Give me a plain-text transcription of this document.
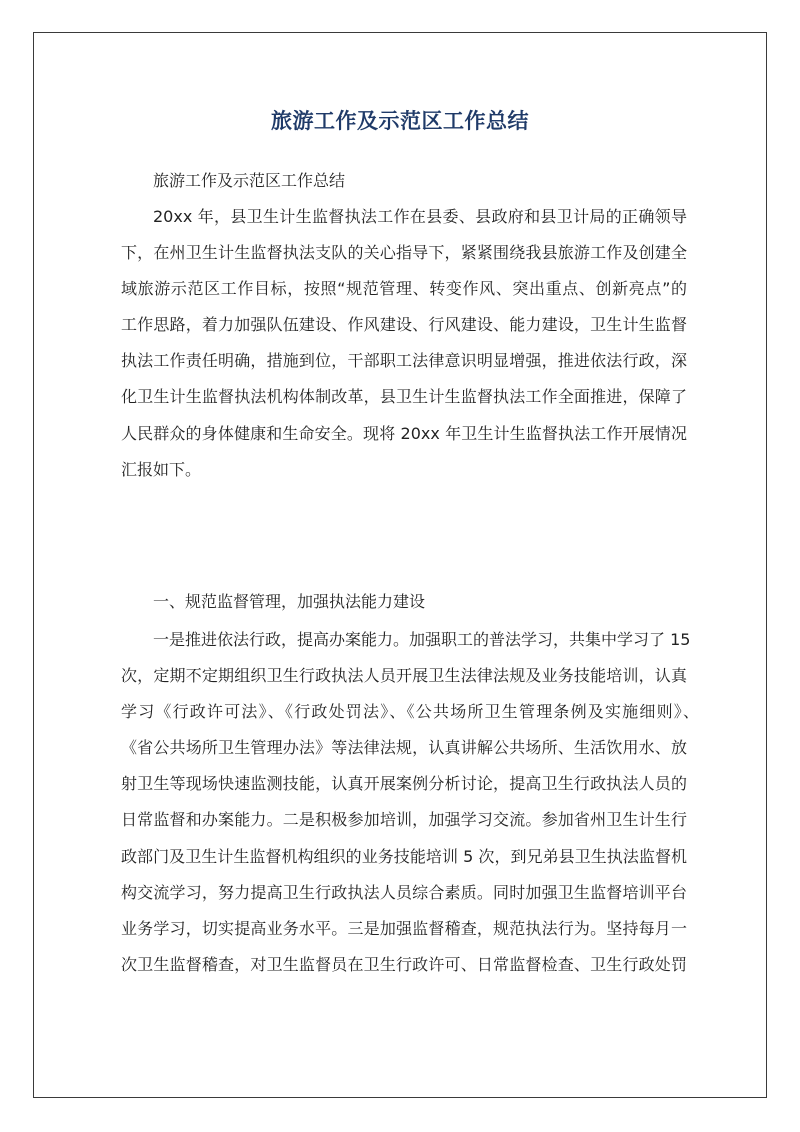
旅游工作及示范区工作总结
旅游工作及示范区工作总结
20xx 年，县卫生计生监督执法工作在县委、县政府和县卫计局的正确领导
下，在州卫生计生监督执法支队的关心指导下，紧紧围绕我县旅游工作及创建全
域旅游示范区工作目标，按照“规范管理、转变作风、突出重点、创新亮点”的
工作思路，着力加强队伍建设、作风建设、行风建设、能力建设，卫生计生监督
执法工作责任明确，措施到位，干部职工法律意识明显增强，推进依法行政，深
化卫生计生监督执法机构体制改革，县卫生计生监督执法工作全面推进，保障了
人民群众的身体健康和生命安全。现将 20xx 年卫生计生监督执法工作开展情况
汇报如下。
一、规范监督管理，加强执法能力建设
一是推进依法行政，提高办案能力。加强职工的普法学习，共集中学习了 15
次，定期不定期组织卫生行政执法人员开展卫生法律法规及业务技能培训，认真
学习《行政许可法》、《行政处罚法》、《公共场所卫生管理条例及实施细则》、
《省公共场所卫生管理办法》等法律法规，认真讲解公共场所、生活饮用水、放
射卫生等现场快速监测技能，认真开展案例分析讨论，提高卫生行政执法人员的
日常监督和办案能力。二是积极参加培训，加强学习交流。参加省州卫生计生行
政部门及卫生计生监督机构组织的业务技能培训 5 次，到兄弟县卫生执法监督机
构交流学习，努力提高卫生行政执法人员综合素质。同时加强卫生监督培训平台
业务学习，切实提高业务水平。三是加强监督稽查，规范执法行为。坚持每月一
次卫生监督稽查，对卫生监督员在卫生行政许可、日常监督检查、卫生行政处罚
